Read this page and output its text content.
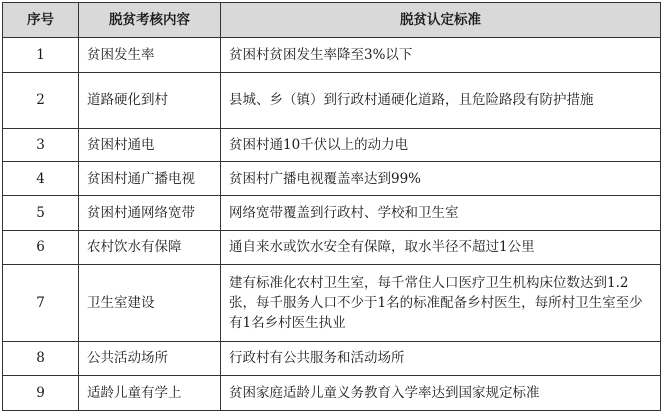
序号	脱贫考核内容	脱贫认定标准
1	贫困发生率	贫困村贫困发生率降至3%以下
2	道路硬化到村	县城、乡（镇）到行政村通硬化道路，且危险路段有防护措施
3	贫困村通电	贫困村通10千伏以上的动力电
4	贫困村通广播电视	贫困村广播电视覆盖率达到99%
5	贫困村通网络宽带	网络宽带覆盖到行政村、学校和卫生室
6	农村饮水有保障	通自来水或饮水安全有保障，取水半径不超过1公里
7	卫生室建设	建有标准化农村卫生室，每千常住人口医疗卫生机构床位数达到1.2张，每千服务人口不少于1名的标准配备乡村医生，每所村卫生室至少有1名乡村医生执业
8	公共活动场所	行政村有公共服务和活动场所
9	适龄儿童有学上	贫困家庭适龄儿童义务教育入学率达到国家规定标准
